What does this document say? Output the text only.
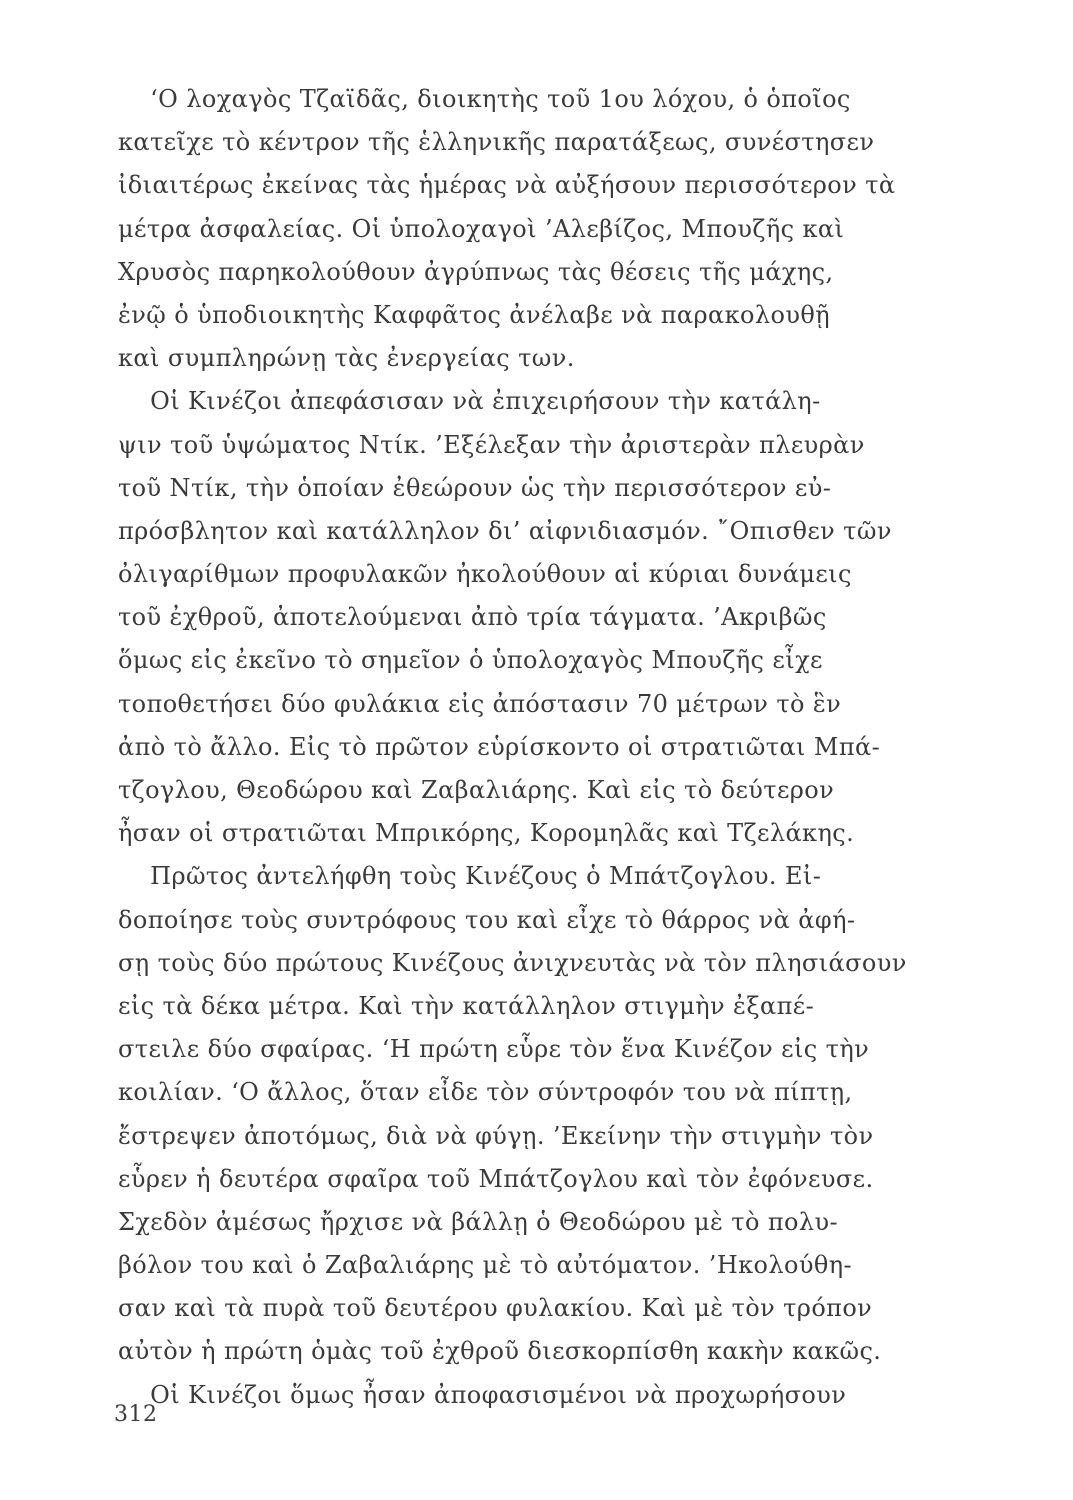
‘Ο λοχαγὸς Τζαϊδᾶς, διοικητὴς τοῦ 1ου λόχου, ὁ ὁποῖος
κατεῖχε τὸ κέντρον τῆς ἑλληνικῆς παρατάξεως, συνέστησεν
ἰδιαιτέρως ἐκείνας τὰς ἡμέρας νὰ αὐξήσουν περισσότερον τὰ
μέτρα ἀσφαλείας. Οἱ ὑπολοχαγοὶ ’Αλεβίζος, Μπουζῆς καὶ
Χρυσὸς παρηκολούθουν ἀγρύπνως τὰς θέσεις τῆς μάχης,
ἐνῷ ὁ ὑποδιοικητὴς Καφφᾶτος ἀνέλαβε νὰ παρακολουθῇ
καὶ συμπληρώνῃ τὰς ἐνεργείας των.
Οἱ Κινέζοι ἀπεφάσισαν νὰ ἐπιχειρήσουν τὴν κατάλη-
ψιν τοῦ ὑψώματος Ντίκ. ’Εξέλεξαν τὴν ἀριστερὰν πλευρὰν
τοῦ Ντίκ, τὴν ὁποίαν ἐθεώρουν ὡς τὴν περισσότερον εὐ-
πρόσβλητον καὶ κατάλληλον δι’ αἰφνιδιασμόν. ῎Οπισθεν τῶν
ὀλιγαρίθμων προφυλακῶν ἠκολούθουν αἱ κύριαι δυνάμεις
τοῦ ἐχθροῦ, ἀποτελούμεναι ἀπὸ τρία τάγματα. ’Ακριβῶς
ὅμως εἰς ἐκεῖνο τὸ σημεῖον ὁ ὑπολοχαγὸς Μπουζῆς εἶχε
τοποθετήσει δύο φυλάκια εἰς ἀπόστασιν 70 μέτρων τὸ ἓν
ἀπὸ τὸ ἄλλο. Εἰς τὸ πρῶτον εὑρίσκοντο οἱ στρατιῶται Μπά-
τζογλου, Θεοδώρου καὶ Ζαβαλιάρης. Καὶ εἰς τὸ δεύτερον
ἦσαν οἱ στρατιῶται Μπρικόρης, Κορομηλᾶς καὶ Τζελάκης.
Πρῶτος ἀντελήφθη τοὺς Κινέζους ὁ Μπάτζογλου. Εἰ-
δοποίησε τοὺς συντρόφους του καὶ εἶχε τὸ θάρρος νὰ ἀφή-
σῃ τοὺς δύο πρώτους Κινέζους ἀνιχνευτὰς νὰ τὸν πλησιάσουν
εἰς τὰ δέκα μέτρα. Καὶ τὴν κατάλληλον στιγμὴν ἐξαπέ-
στειλε δύο σφαίρας. ‘Η πρώτη εὗρε τὸν ἕνα Κινέζον εἰς τὴν
κοιλίαν. ‘Ο ἄλλος, ὅταν εἶδε τὸν σύντροφόν του νὰ πίπτῃ,
ἔστρεψεν ἀποτόμως, διὰ νὰ φύγῃ. ’Εκείνην τὴν στιγμὴν τὸν
εὗρεν ἡ δευτέρα σφαῖρα τοῦ Μπάτζογλου καὶ τὸν ἐφόνευσε.
Σχεδὸν ἀμέσως ἤρχισε νὰ βάλλῃ ὁ Θεοδώρου μὲ τὸ πολυ-
βόλον του καὶ ὁ Ζαβαλιάρης μὲ τὸ αὐτόματον. ’Ηκολούθη-
σαν καὶ τὰ πυρὰ τοῦ δευτέρου φυλακίου. Καὶ μὲ τὸν τρόπον
αὐτὸν ἡ πρώτη ὁμὰς τοῦ ἐχθροῦ διεσκορπίσθη κακὴν κακῶς.
Οἱ Κινέζοι ὅμως ἦσαν ἀποφασισμένοι νὰ προχωρήσουν
312
